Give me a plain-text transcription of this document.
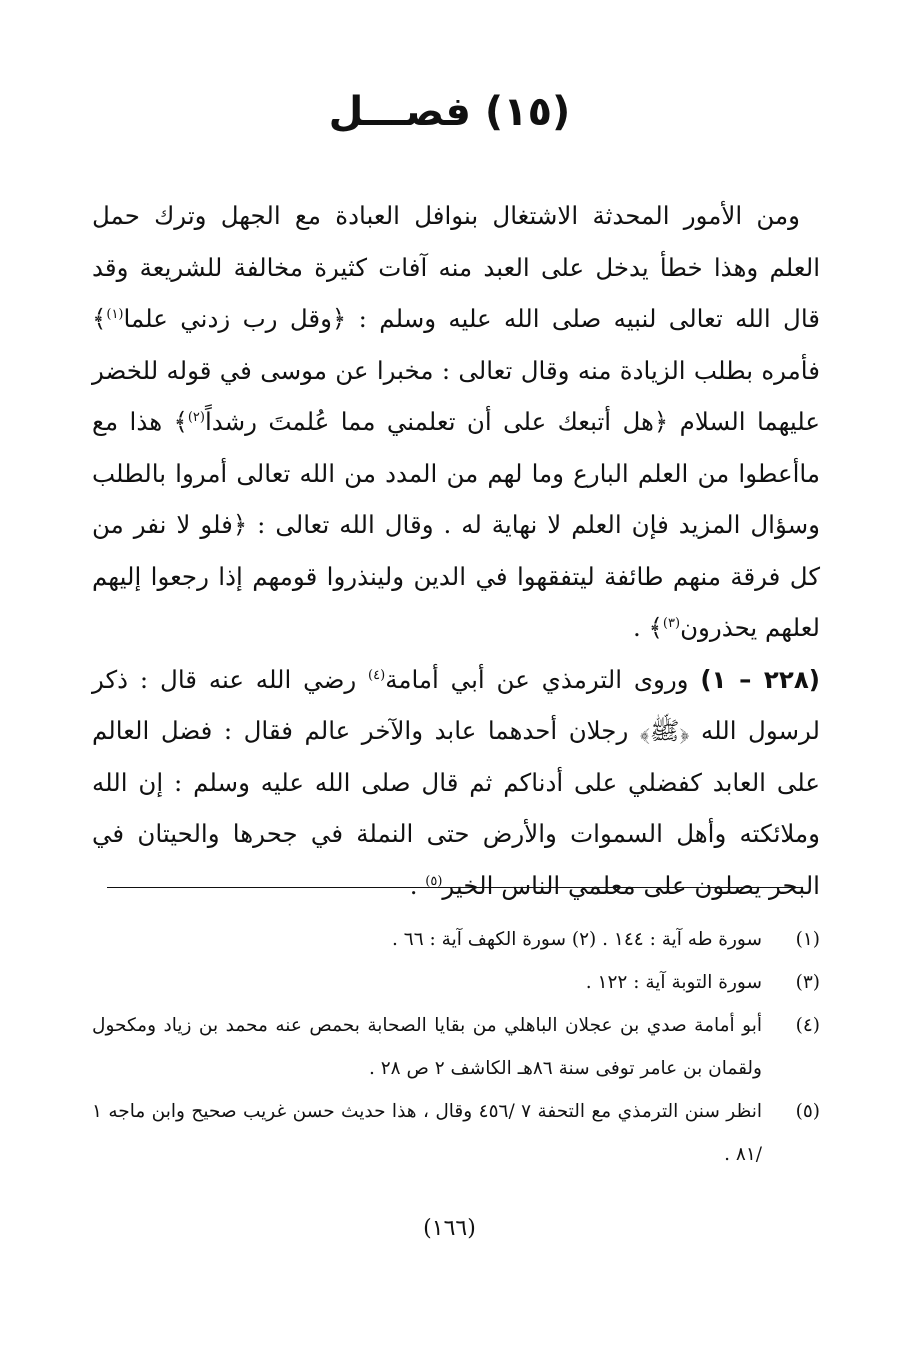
(١٥) فصـــل

ومن الأمور المحدثة الاشتغال بنوافل العبادة مع الجهل وترك حمل العلم وهذا خطأ يدخل على العبد منه آفات كثيرة مخالفة للشريعة وقد قال الله تعالى لنبيه صلى الله عليه وسلم : ﴿وقل رب زدني علما$^{(١)}$﴾ فأمره بطلب الزيادة منه وقال تعالى : مخبرا عن موسى في قوله للخضر عليهما السلام ﴿هل أتبعك على أن تعلمني مما عُلمتَ رشداً$^{(٢)}$﴾ هذا مع ماأعطوا من العلم البارع وما لهم من المدد من الله تعالى أمروا بالطلب وسؤال المزيد فإن العلم لا نهاية له . وقال الله تعالى : ﴿فلو لا نفر من كل فرقة منهم طائفة ليتفقهوا في الدين ولينذروا قومهم إذا رجعوا إليهم لعلهم يحذرون$^{(٣)}$﴾ .

(٢٢٨ – ١) وروى الترمذي عن أبي أمامة$^{(٤)}$ رضي الله عنه قال : ذكر لرسول الله ﴿ﷺ﴾ رجلان أحدهما عابد والآخر عالم فقال : فضل العالم على العابد كفضلي على أدناكم ثم قال صلى الله عليه وسلم : إن الله وملائكته وأهل السموات والأرض حتى النملة في جحرها والحيتان في البحر يصلون على معلمي الناس الخير$^{(٥)}$ .

(١)
سورة طه آية : ١٤٤ . (٢) سورة الكهف آية : ٦٦ .
(٣)
سورة التوبة آية : ١٢٢ .
(٤)
أبو أمامة صدي بن عجلان الباهلي من بقايا الصحابة بحمص عنه محمد بن زياد ومكحول ولقمان بن عامر توفى سنة ٨٦هـ الكاشف ٢ ص ٢٨ .
(٥)
انظر سنن الترمذي مع التحفة ٧ /٤٥٦ وقال ، هذا حديث حسن غريب صحيح وابن ماجه ١ /٨١ .
(١٦٦)
